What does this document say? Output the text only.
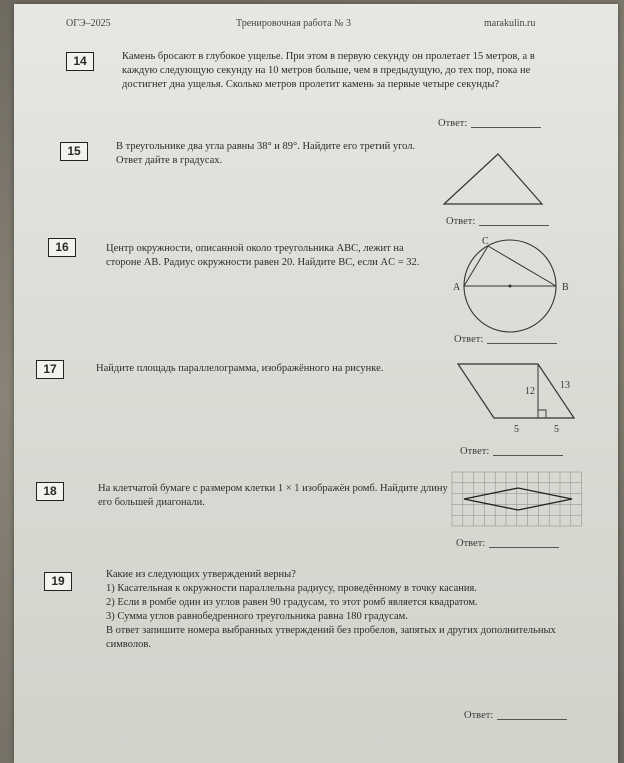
ОГЭ–2025	Тренировочная работа № 3	marakulin.ru
14	Камень бросают в глубокое ущелье. При этом в первую секунду он пролетает 15 метров, а в каждую следующую секунду на 10 метров больше, чем в предыдущую, до тех пор, пока не достигнет дна ущелья. Сколько метров пролетит камень за первые четыре секунды?
Ответ:
15	В треугольнике два угла равны 38° и 89°. Найдите его третий угол. Ответ дайте в градусах.
Ответ:
16	Центр окружности, описанной около треугольника ABC, лежит на стороне AB. Радиус окружности равен 20. Найдите BC, если AC = 32.
A	B
C
Ответ:
17	Найдите площадь параллелограмма, изображённого на рисунке.
12
13
5	5
Ответ:
18	На клетчатой бумаге с размером клетки 1 × 1 изображён ромб. Найдите длину его большей диагонали.
Ответ:
19	Какие из следующих утверждений верны?

1) Касательная к окружности параллельна радиусу, проведённому в точку касания.

2) Если в ромбе один из углов равен 90 градусам, то этот ромб является квадратом.

3) Сумма углов равнобедренного треугольника равна 180 градусам.

В ответ запишите номера выбранных утверждений без пробелов, запятых и других дополнительных символов.

Ответ:
